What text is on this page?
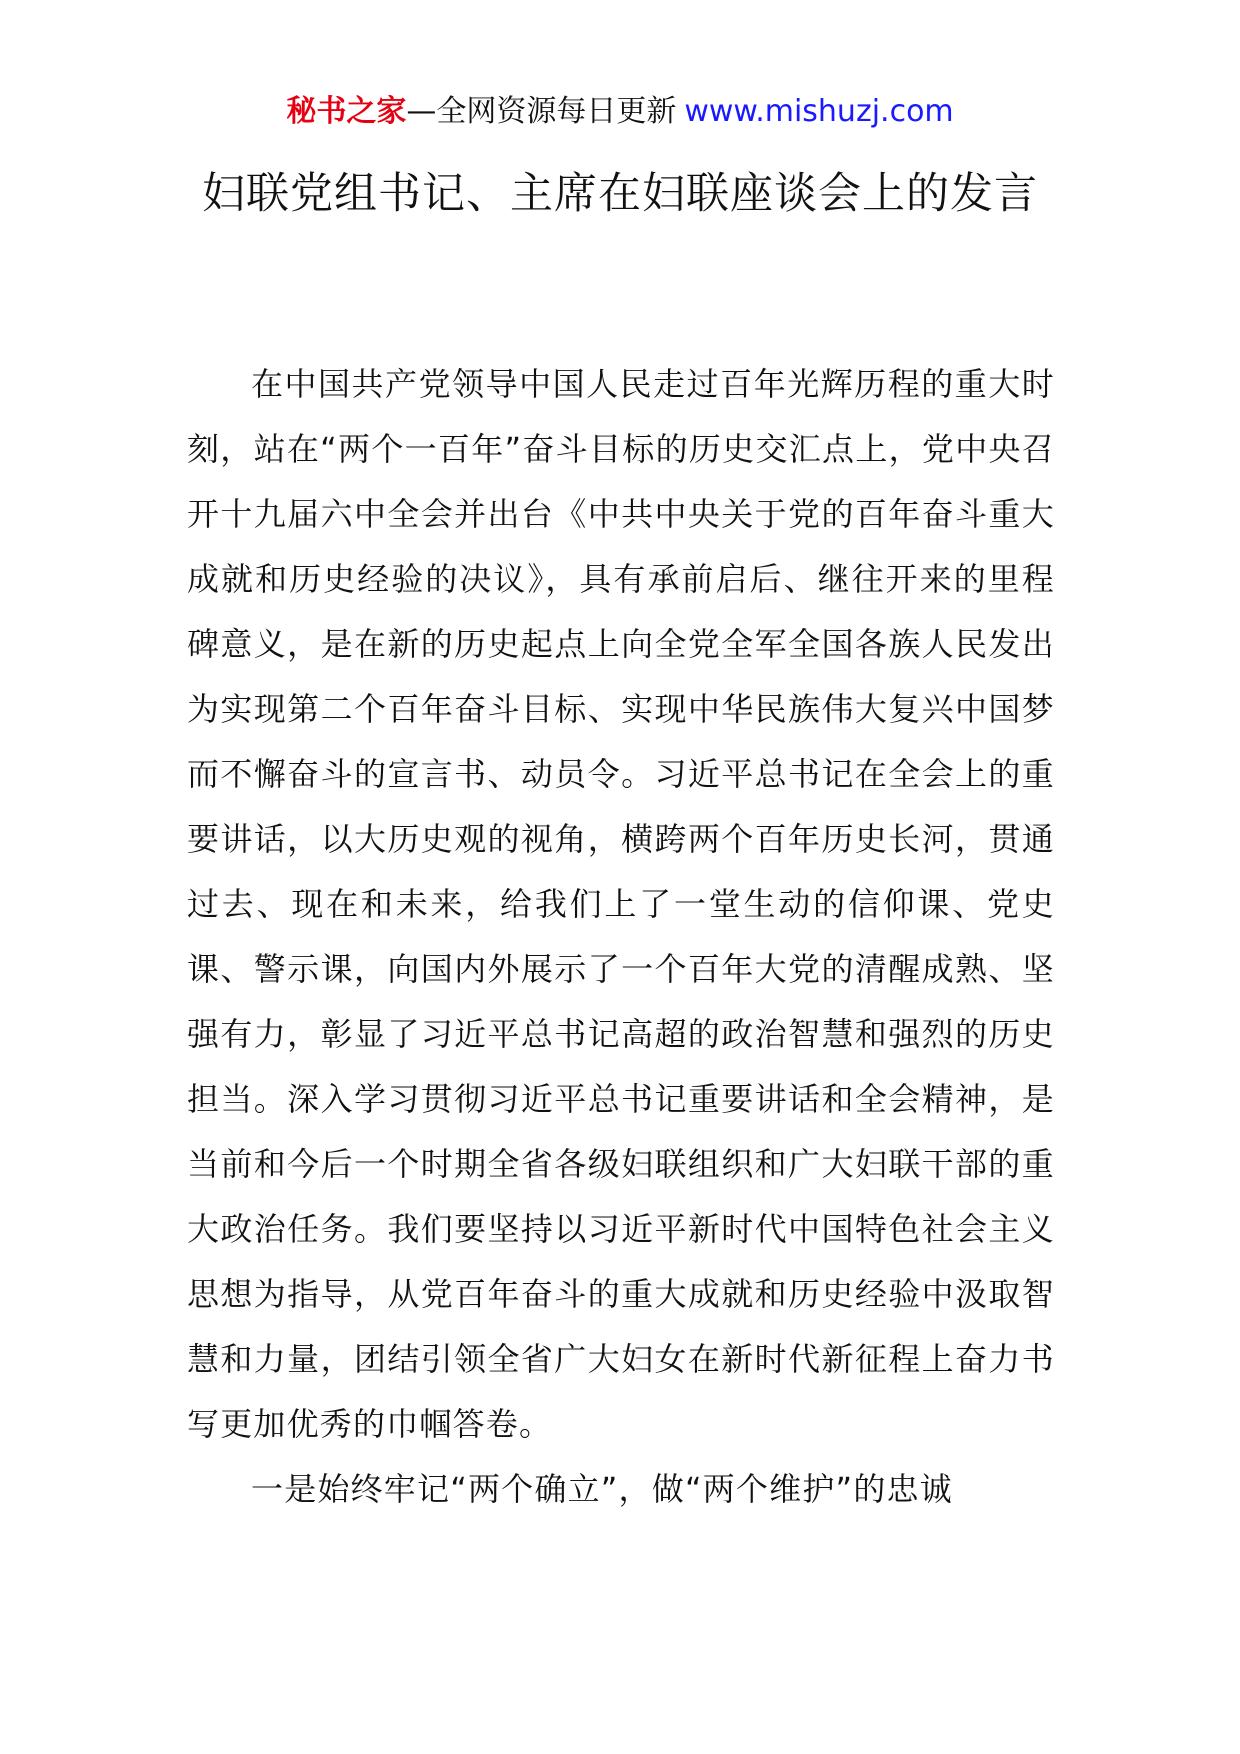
秘书之家—全网资源每日更新 www.mishuzj.com
妇联党组书记、主席在妇联座谈会上的发言

在中国共产党领导中国人民走过百年光辉历程的重大时刻，站在“两个一百年”奋斗目标的历史交汇点上，党中央召开十九届六中全会并出台《中共中央关于党的百年奋斗重大成就和历史经验的决议》，具有承前启后、继往开来的里程碑意义，是在新的历史起点上向全党全军全国各族人民发出为实现第二个百年奋斗目标、实现中华民族伟大复兴中国梦而不懈奋斗的宣言书、动员令。习近平总书记在全会上的重要讲话，以大历史观的视角，横跨两个百年历史长河，贯通过去、现在和未来，给我们上了一堂生动的信仰课、党史课、警示课，向国内外展示了一个百年大党的清醒成熟、坚强有力，彰显了习近平总书记高超的政治智慧和强烈的历史担当。深入学习贯彻习近平总书记重要讲话和全会精神，是当前和今后一个时期全省各级妇联组织和广大妇联干部的重大政治任务。我们要坚持以习近平新时代中国特色社会主义思想为指导，从党百年奋斗的重大成就和历史经验中汲取智慧和力量，团结引领全省广大妇女在新时代新征程上奋力书写更加优秀的巾帼答卷。

一是始终牢记“两个确立”，做“两个维护”的忠诚
